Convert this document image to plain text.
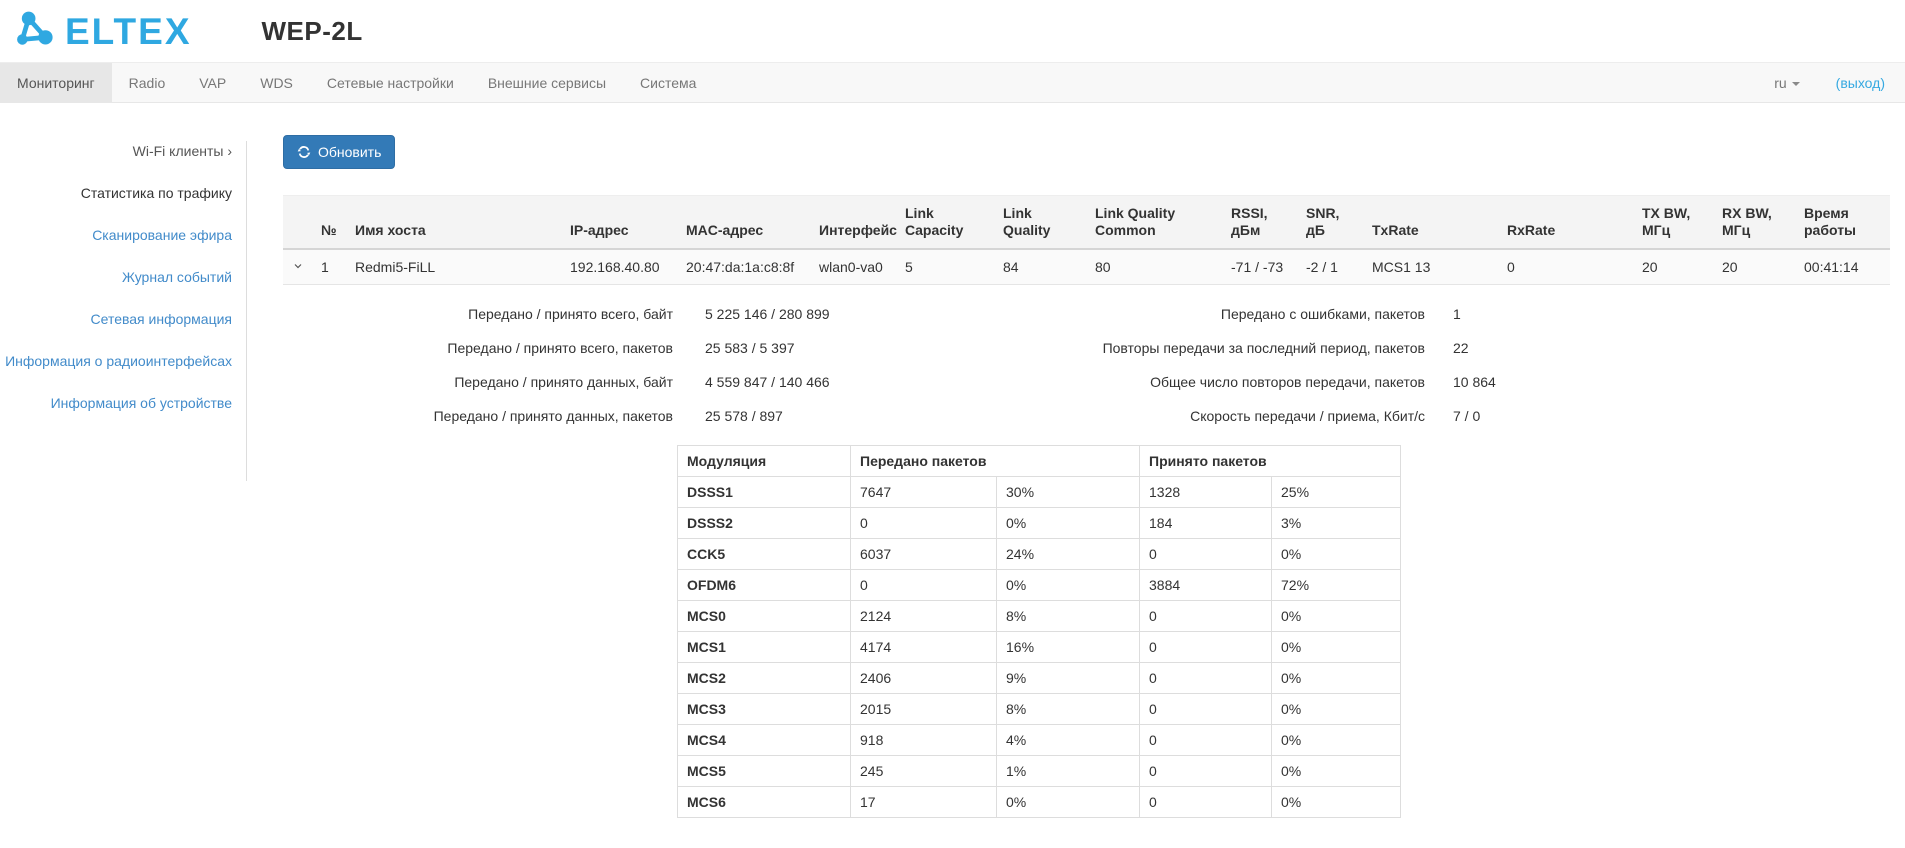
ELTEX	WEP-2L
Мониторинг	Radio	VAP	WDS	Сетевые настройки	Внешние сервисы	Система	ru	(выход)
Wi-Fi клиенты ›
Статистика по трафику
Сканирование эфира
Журнал событий
Сетевая информация
Информация о радиоинтерфейсах
Информация об устройстве
Обновить
	№	Имя хоста	IP-адрес	MAC-адрес	Интерфейс	Link Capacity	Link Quality	Link Quality Common	RSSI, дБм	SNR, дБ	TxRate	RxRate	TX BW, МГц	RX BW, МГц	Время работы
	1	Redmi5-FiLL	192.168.40.80	20:47:da:1a:c8:8f	wlan0-va0	5	84	80	-71 / -73	-2 / 1	MCS1 13	0	20	20	00:41:14
Передано / принято всего, байт	5 225 146 / 280 899
Передано / принято всего, пакетов	25 583 / 5 397
Передано / принято данных, байт	4 559 847 / 140 466
Передано / принято данных, пакетов	25 578 / 897
Передано с ошибками, пакетов	1
Повторы передачи за последний период, пакетов	22
Общее число повторов передачи, пакетов	10 864
Скорость передачи / приема, Кбит/с	7 / 0
Модуляция	Передано пакетов		Принято пакетов	
DSSS1	7647	30%	1328	25%
DSSS2	0	0%	184	3%
CCK5	6037	24%	0	0%
OFDM6	0	0%	3884	72%
MCS0	2124	8%	0	0%
MCS1	4174	16%	0	0%
MCS2	2406	9%	0	0%
MCS3	2015	8%	0	0%
MCS4	918	4%	0	0%
MCS5	245	1%	0	0%
MCS6	17	0%	0	0%
